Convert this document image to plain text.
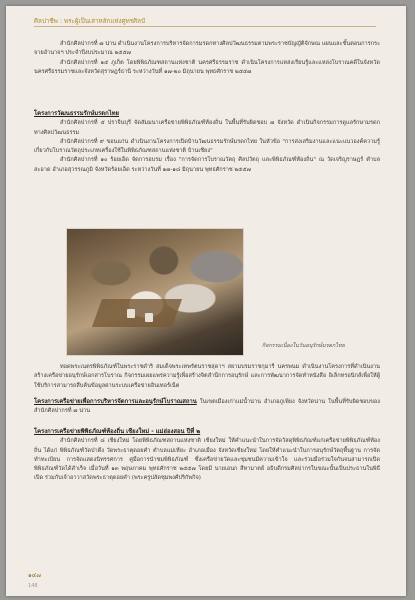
ศิลปาชีพ : พระผู้เป็นเสาหลักแห่งศูทรศิลป์

สำนักศิลปากรที่ ๗ น่าน ดำเนินงานโครงการบริหารจัดการมรดกทางศิลปวัฒนธรรมตามพระราชบัญญัติจักษณ แผนและขั้นตอนการกระจายอำนาจฯ ประจำปีงบประมาณ ๒๕๕๗

สำนักศิลปากรที่ ๑๕ ภูเก็ต โดยพิพิธภัณฑสถานแห่งชาติ นครศรีธรรมราช ดำเนินโครงการแหล่งเรียนรู้และแหล่งโบราณคดีในจังหวัดนครศรีธรรมราชและจังหวัดสุราษฎร์ธานี ระหว่างวันที่ ๑๗-๒๐ มิถุนายน พุทธศักราช ๒๕๕๗

โครงการวัฒนธรรมรักษ์มรดกไทย

สำนักศิลปากรที่ ๕ ปราจีนบุรี จัดสัมมนาเครือข่ายพิพิธภัณฑ์ท้องถิ่น ในพื้นที่รับผิดชอบ ๗ จังหวัด ดำเนินกิจกรรมการดูแลรักษามรดกทางศิลปวัฒนธรรม

สำนักศิลปากรที่ ๙ ขอนแก่น ดำเนินงานโครงการเปิดบ้านวัฒนธรรมรักษ์มรดกไทย ในหัวข้อ "การส่งเสริมงานและแนะแนวองค์ความรู้เกี่ยวกับโบราณวัตถุประเภทเครื่องใช้ในพิพิธภัณฑสถานแห่งชาติ บ้านเชียง"

สำนักศิลปากรที่ ๑๐ ร้อยเอ็ด จัดการอบรม เรื่อง "การจัดการโบราณวัตถุ ศิลปวัตถุ และพิพิธภัณฑ์ท้องถิ่น" ณ วัดเจริญราษฎร์ ตำบลสะอาด อำเภอสุวรรณภูมิ จังหวัดร้อยเอ็ด ระหว่างวันที่ ๑๗-๑๘ มิถุนายน พุทธศักราช ๒๕๕๗

กิจกรรมเนื่องในวันอนุรักษ์มรดกไทย

ทอดพระเนตรพิพิธภัณฑ์ในพระราชดำริ สมเด็จพระเทพรัตนราชสุดาฯ สยามบรมราชกุมารี นครพนม ดำเนินงานโครงการที่ดำเนินงานสร้างเครือข่ายอนุรักษ์เอกสารโบราณ กิจกรรมเผยแพร่ความรู้เพื่อสร้างจิตสำนึกการอนุรักษ์ และการพัฒนาการจัดทำหนังสือ อิเล็กทรอนิกส์เพื่อให้ผู้ใช้บริการสามารถสืบค้นข้อมูลผ่านระบบเครือข่ายอินเทอร์เน็ต

โครงการเครือข่ายเพื่อการบริหารจัดการและอนุรักษ์โบราณสถาน ในเขตเมืองเก่าแม่น้ำน่าน อำเภอภูเพียง จังหวัดน่าน ในพื้นที่รับผิดชอบของสำนักศิลปากรที่ ๗ น่าน

โครงการเครือข่ายพิพิธภัณฑ์ท้องถิ่น เชียงใหม่ - แม่ฮ่องสอน ปีที่ ๒

สำนักศิลปากรที่ ๘ เชียงใหม่ โดยพิพิธภัณฑสถานแห่งชาติ เชียงใหม่ ให้คำแนะนำในการจัดวัสดุพิพิธภัณฑ์แก่เครือข่ายพิพิธภัณฑ์ท้องถิ่น ได้แก่ พิพิธภัณฑ์วัดป่าตึง วัดพระธาตุดอยคำ ตำบลแม่เหียะ อำเภอเมือง จังหวัดเชียงใหม่ โดยให้คำแนะนำในการอนุรักษ์วัตถุพื้นฐาน การจัดทำทะเบียน การจัดแสดงนิทรรศการ คู่มือการนำชมพิพิธภัณฑ์ ซึ่งเครือข่ายวัดและชุมชนมีความเข้าใจ และร่วมมือร่วมใจกันจนสามารถเปิดพิพิธภัณฑ์วัดได้สำเร็จ เมื่อวันที่ ๑๓ พฤษภาคม พุทธศักราช ๒๕๕๗ โดยมี นายเอนก สีหามาตย์ อธิบดีกรมศิลปากรในขณะนั้นเป็นประธานในพิธีเปิด ร่วมกับเจ้าอาวาสวัดพระธาตุดอยคำ (พระครูปลัดชุมพงศ์ปริกัพกิจ)

๑๔๗
148
